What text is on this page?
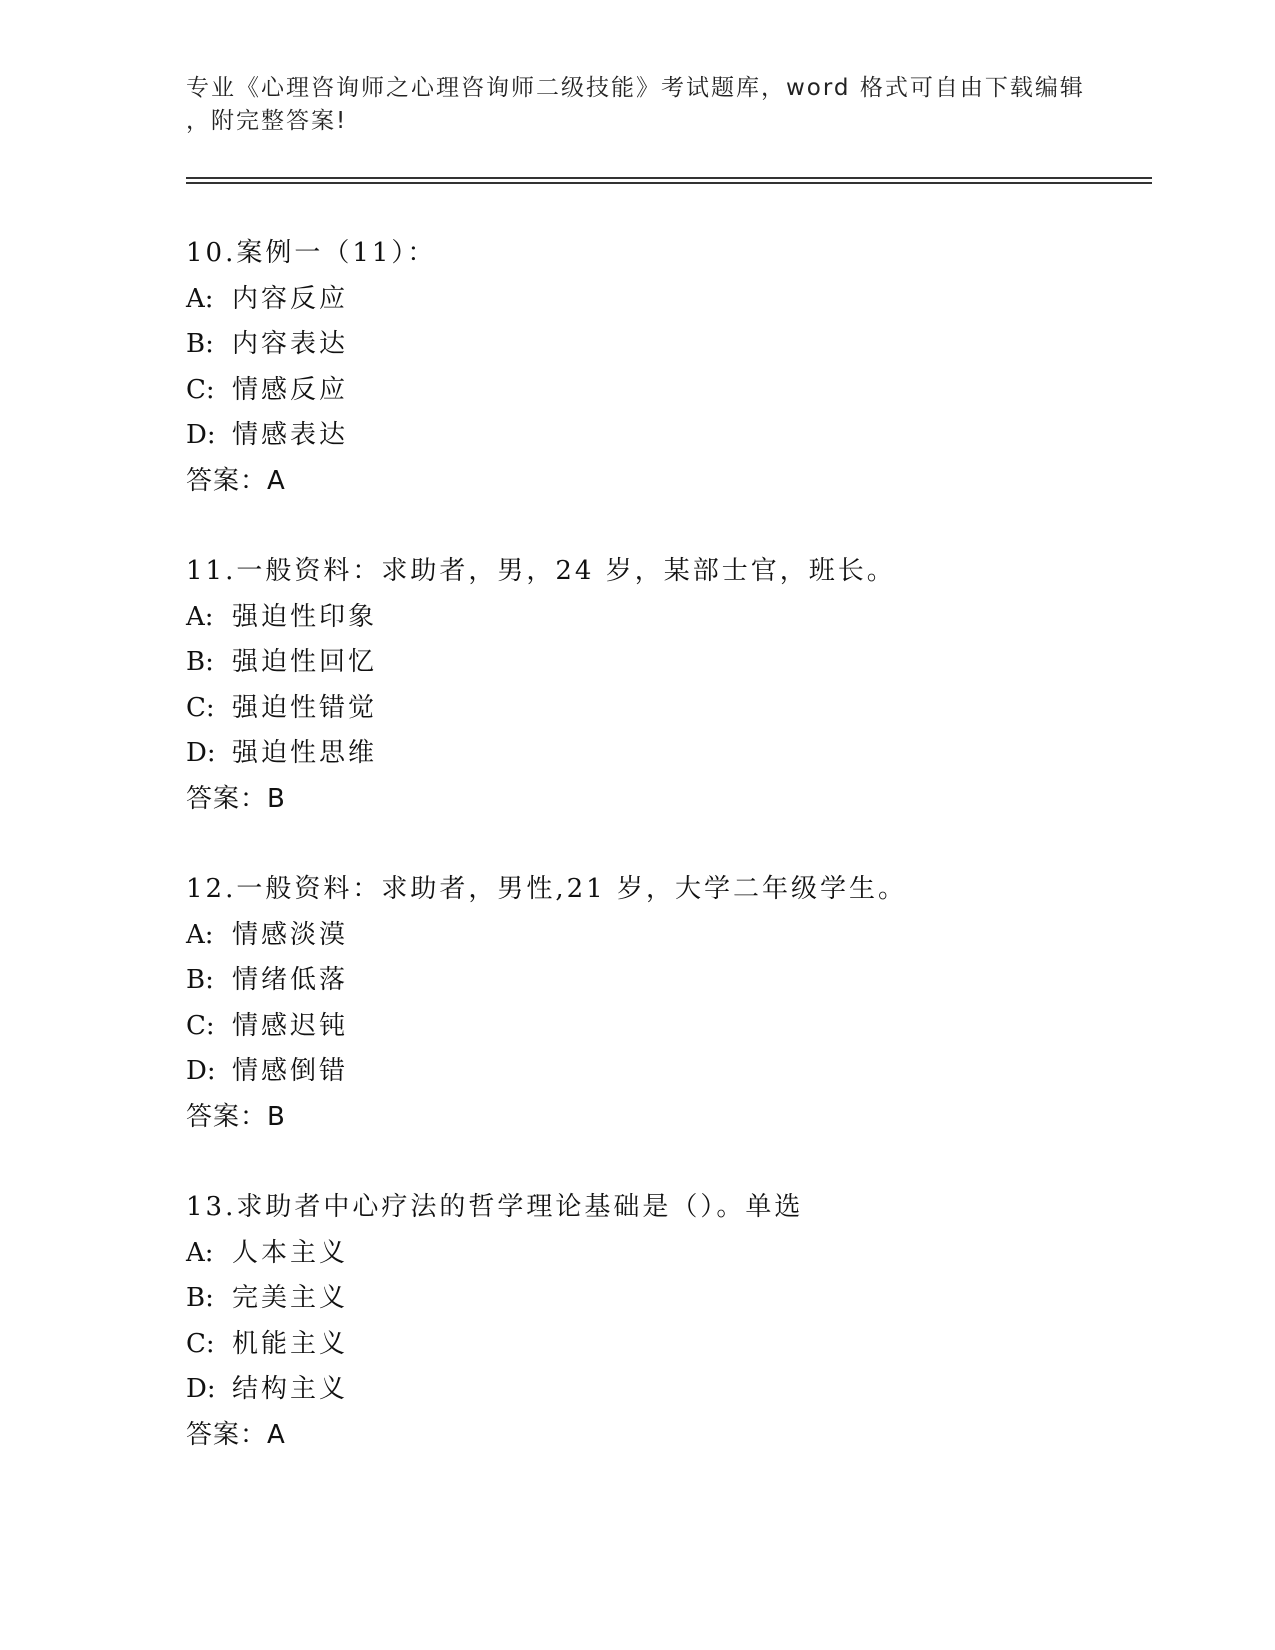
专业《心理咨询师之心理咨询师二级技能》考试题库，word 格式可自由下载编辑
，附完整答案!
10.案例一（11）：
A: 内容反应
B: 内容表达
C: 情感反应
D: 情感表达
答案：A
11.一般资料：求助者，男，24 岁，某部士官，班长。
A: 强迫性印象
B: 强迫性回忆
C: 强迫性错觉
D: 强迫性思维
答案：B
12.一般资料：求助者，男性,21 岁，大学二年级学生。
A: 情感淡漠
B: 情绪低落
C: 情感迟钝
D: 情感倒错
答案：B
13.求助者中心疗法的哲学理论基础是（）。单选
A: 人本主义
B: 完美主义
C: 机能主义
D: 结构主义
答案：A
